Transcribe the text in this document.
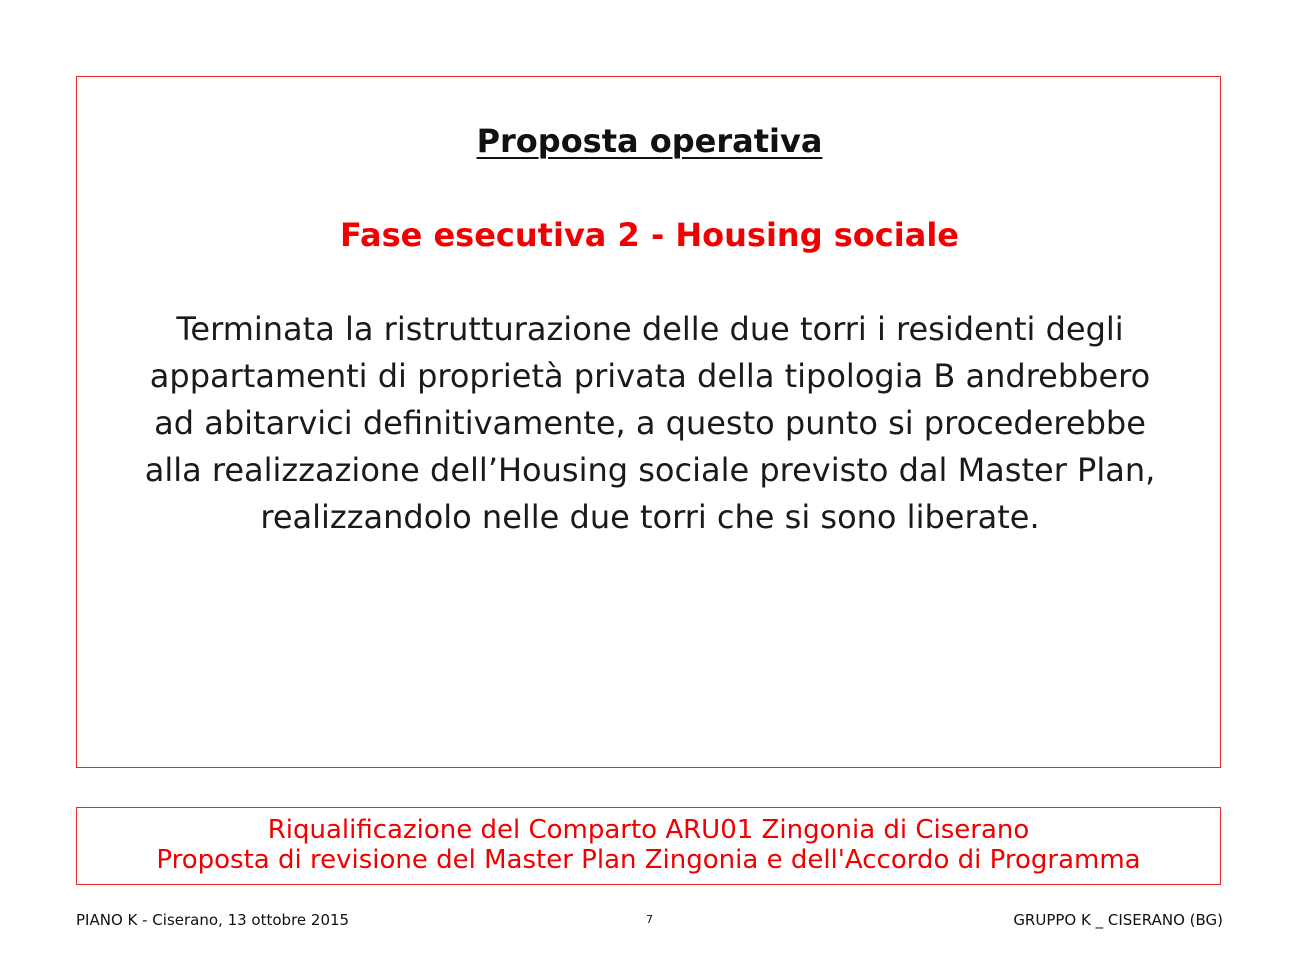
Proposta operativa
Fase esecutiva 2 - Housing sociale
Terminata la ristrutturazione delle due torri i residenti degli
appartamenti di proprietà privata della tipologia B andrebbero
ad abitarvici definitivamente, a questo punto si procederebbe
alla realizzazione dell’Housing sociale previsto dal Master Plan,
realizzandolo nelle due torri che si sono liberate.
Riqualificazione del Comparto ARU01 Zingonia di Ciserano
Proposta di revisione del Master Plan Zingonia e dell'Accordo di Programma
PIANO K - Ciserano, 13 ottobre 2015	7	GRUPPO K _ CISERANO (BG)
